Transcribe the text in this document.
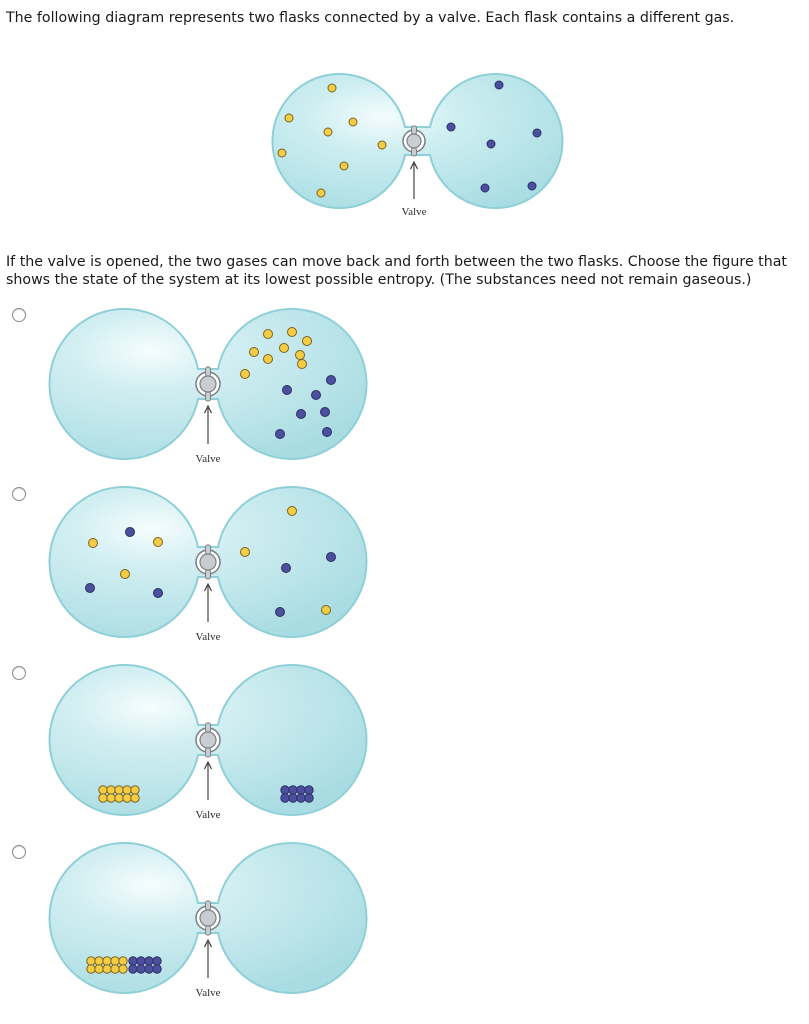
The following diagram represents two flasks connected by a valve. Each flask contains a different gas.

Valve

If the valve is opened, the two gases can move back and forth between the two flasks. Choose the figure that
shows the state of the system at its lowest possible entropy. (The substances need not remain gaseous.)

Valve
Valve
Valve
Valve
